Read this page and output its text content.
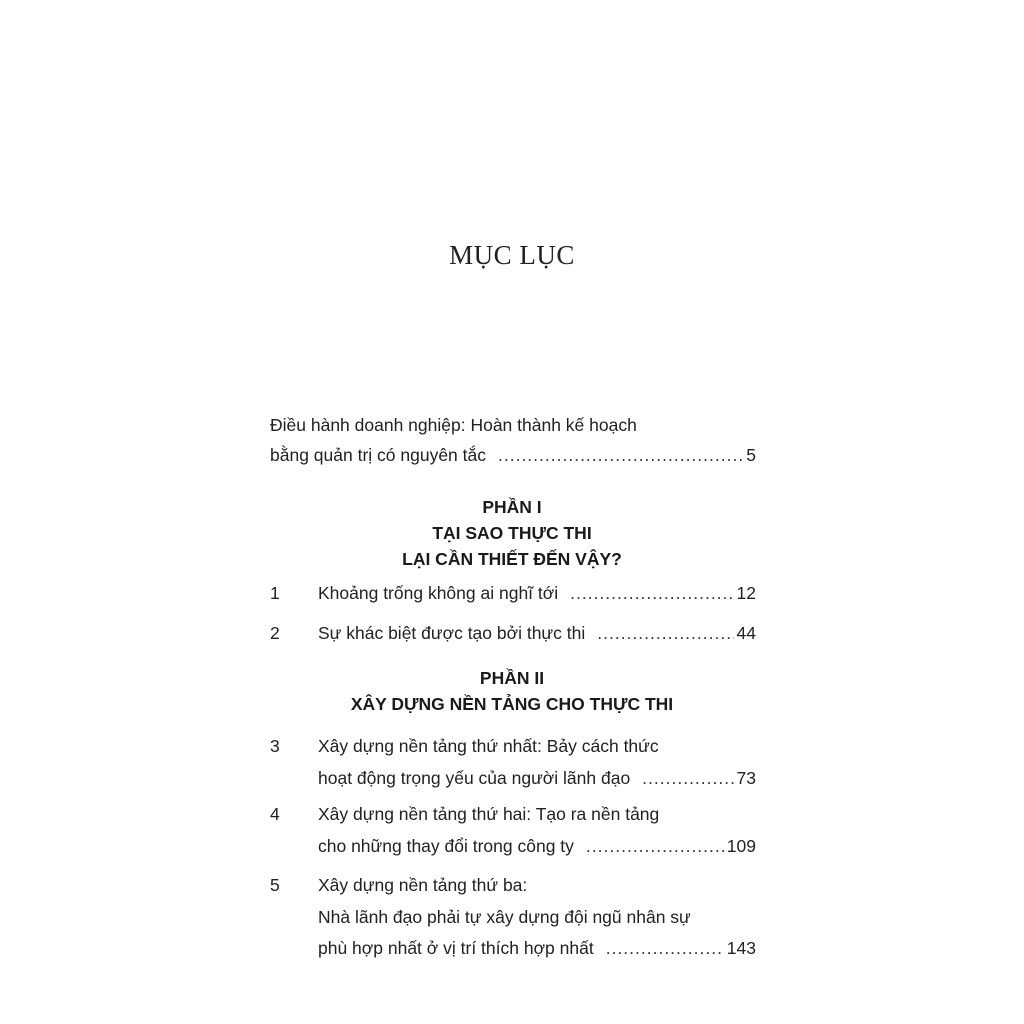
MỤC LỤC
Điều hành doanh nghiệp: Hoàn thành kế hoạch
bằng quản trị có nguyên tắc .....	5
PHẦN I
TẠI SAO THỰC THI
LẠI CẦN THIẾT ĐẾN VẬY?
1	Khoảng trống không ai nghĩ tới .....	12
2	Sự khác biệt được tạo bởi thực thi .....	44
PHẦN II
XÂY DỰNG NỀN TẢNG CHO THỰC THI
3	Xây dựng nền tảng thứ nhất: Bảy cách thức
hoạt động trọng yếu của người lãnh đạo .....	73
4	Xây dựng nền tảng thứ hai: Tạo ra nền tảng
cho những thay đổi trong công ty .....	109
5	Xây dựng nền tảng thứ ba:
Nhà lãnh đạo phải tự xây dựng đội ngũ nhân sự
phù hợp nhất ở vị trí thích hợp nhất .....	143
